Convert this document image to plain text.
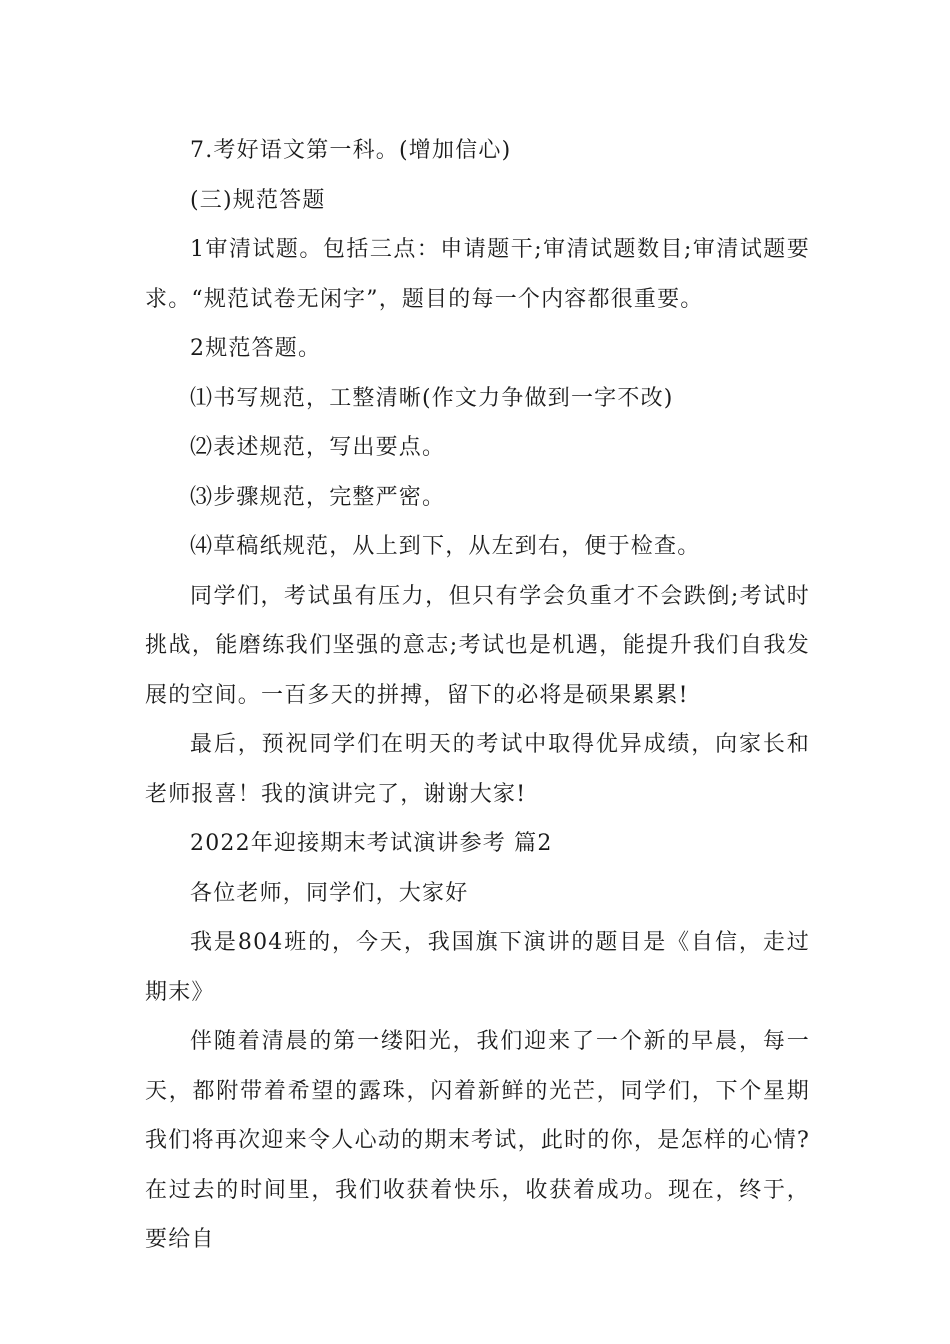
7.考好语文第一科。(增加信心)

(三)规范答题

1审清试题。包括三点：申请题干;审清试题数目;审清试题要求。“规范试卷无闲字”，题目的每一个内容都很重要。

2规范答题。

⑴书写规范，工整清晰(作文力争做到一字不改)

⑵表述规范，写出要点。

⑶步骤规范，完整严密。

⑷草稿纸规范，从上到下，从左到右，便于检查。

同学们，考试虽有压力，但只有学会负重才不会跌倒;考试时挑战，能磨练我们坚强的意志;考试也是机遇，能提升我们自我发展的空间。一百多天的拼搏，留下的必将是硕果累累!

最后，预祝同学们在明天的考试中取得优异成绩，向家长和老师报喜！我的演讲完了，谢谢大家!

2022年迎接期末考试演讲参考 篇2

各位老师，同学们，大家好

我是804班的，今天，我国旗下演讲的题目是《自信，走过期末》

伴随着清晨的第一缕阳光，我们迎来了一个新的早晨，每一天，都附带着希望的露珠，闪着新鲜的光芒，同学们，下个星期我们将再次迎来令人心动的期末考试，此时的你，是怎样的心情?在过去的时间里，我们收获着快乐，收获着成功。现在，终于，要给自
